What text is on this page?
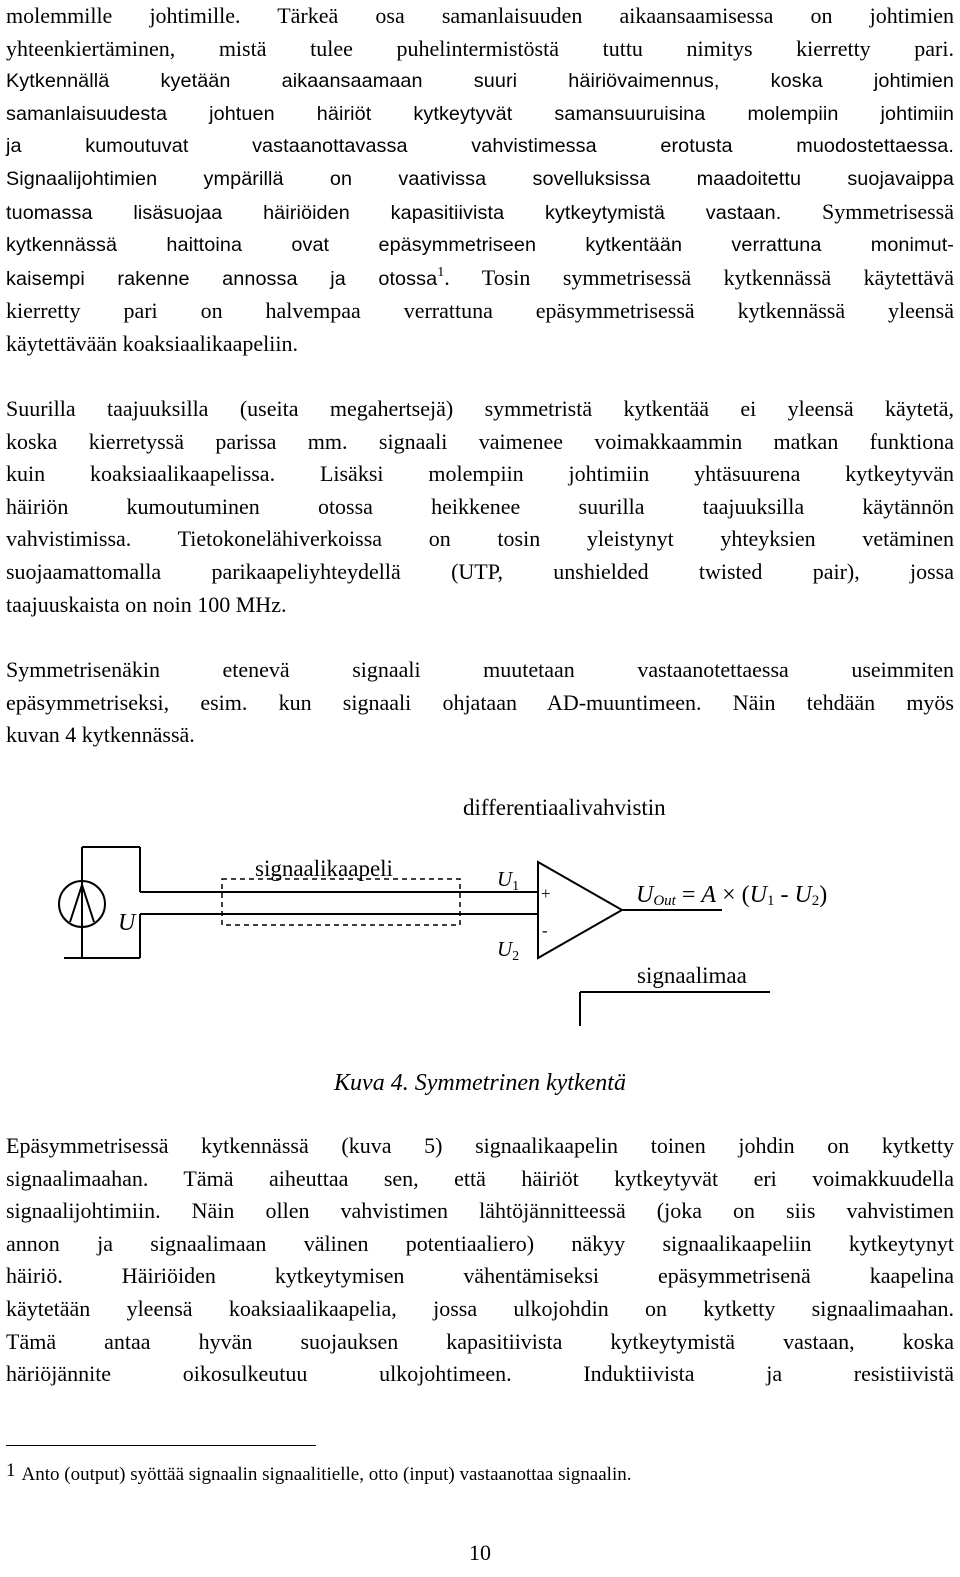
molemmille johtimille. Tärkeä osa samanlaisuuden aikaansaamisessa on johtimien
yhteenkiertäminen, mistä tulee puhelintermistöstä tuttu nimitys kierretty pari.
Kytkennällä kyetään aikaansaamaan suuri häiriövaimennus, koska johtimien
samanlaisuudesta johtuen häiriöt kytkeytyvät samansuuruisina molempiin johtimiin
ja kumoutuvat vastaanottavassa vahvistimessa erotusta muodostettaessa.
Signaalijohtimien ympärillä on vaativissa sovelluksissa maadoitettu suojavaippa
tuomassa lisäsuojaa häiriöiden kapasitiivista kytkeytymistä vastaan. Symmetrisessä
kytkennässä haittoina ovat epäsymmetriseen kytkentään verrattuna monimut-
kaisempi rakenne annossa ja otossa$^1$. Tosin symmetrisessä kytkennässä käytettävä
kierretty pari on halvempaa verrattuna epäsymmetrisessä kytkennässä yleensä
käytettävään koaksiaalikaapeliin.
Suurilla taajuuksilla (useita megahertsejä) symmetristä kytkentää ei yleensä käytetä,
koska kierretyssä parissa mm. signaali vaimenee voimakkaammin matkan funktiona
kuin koaksiaalikaapelissa. Lisäksi molempiin johtimiin yhtäsuurena kytkeytyvän
häiriön kumoutuminen otossa heikkenee suurilla taajuuksilla käytännön
vahvistimissa. Tietokonelähiverkoissa on tosin yleistynyt yhteyksien vetäminen
suojaamattomalla parikaapeliyhteydellä (UTP, unshielded twisted pair), jossa
taajuuskaista on noin 100 MHz.
Symmetrisenäkin etenevä signaali muutetaan vastaanotettaessa useimmiten
epäsymmetriseksi, esim. kun signaali ohjataan AD-muuntimeen. Näin tehdään myös
kuvan 4 kytkennässä.
differentiaalivahvistin
U
signaalikaapeli	U1
U2
+
-
UOut = A × (U1 - U2)
signaalimaa
Kuva 4. Symmetrinen kytkentä
Epäsymmetrisessä kytkennässä (kuva 5) signaalikaapelin toinen johdin on kytketty
signaalimaahan. Tämä aiheuttaa sen, että häiriöt kytkeytyvät eri voimakkuudella
signaalijohtimiin. Näin ollen vahvistimen lähtöjännitteessä (joka on siis vahvistimen
annon ja signaalimaan välinen potentiaaliero) näkyy signaalikaapeliin kytkeytynyt
häiriö. Häiriöiden kytkeytymisen vähentämiseksi epäsymmetrisenä kaapelina
käytetään yleensä koaksiaalikaapelia, jossa ulkojohdin on kytketty signaalimaahan.
Tämä antaa hyvän suojauksen kapasitiivista kytkeytymistä vastaan, koska
häriöjännite oikosulkeutuu ulkojohtimeen. Induktiivista ja resistiivistä
1 Anto (output) syöttää signaalin signaalitielle, otto (input) vastaanottaa signaalin.
10
